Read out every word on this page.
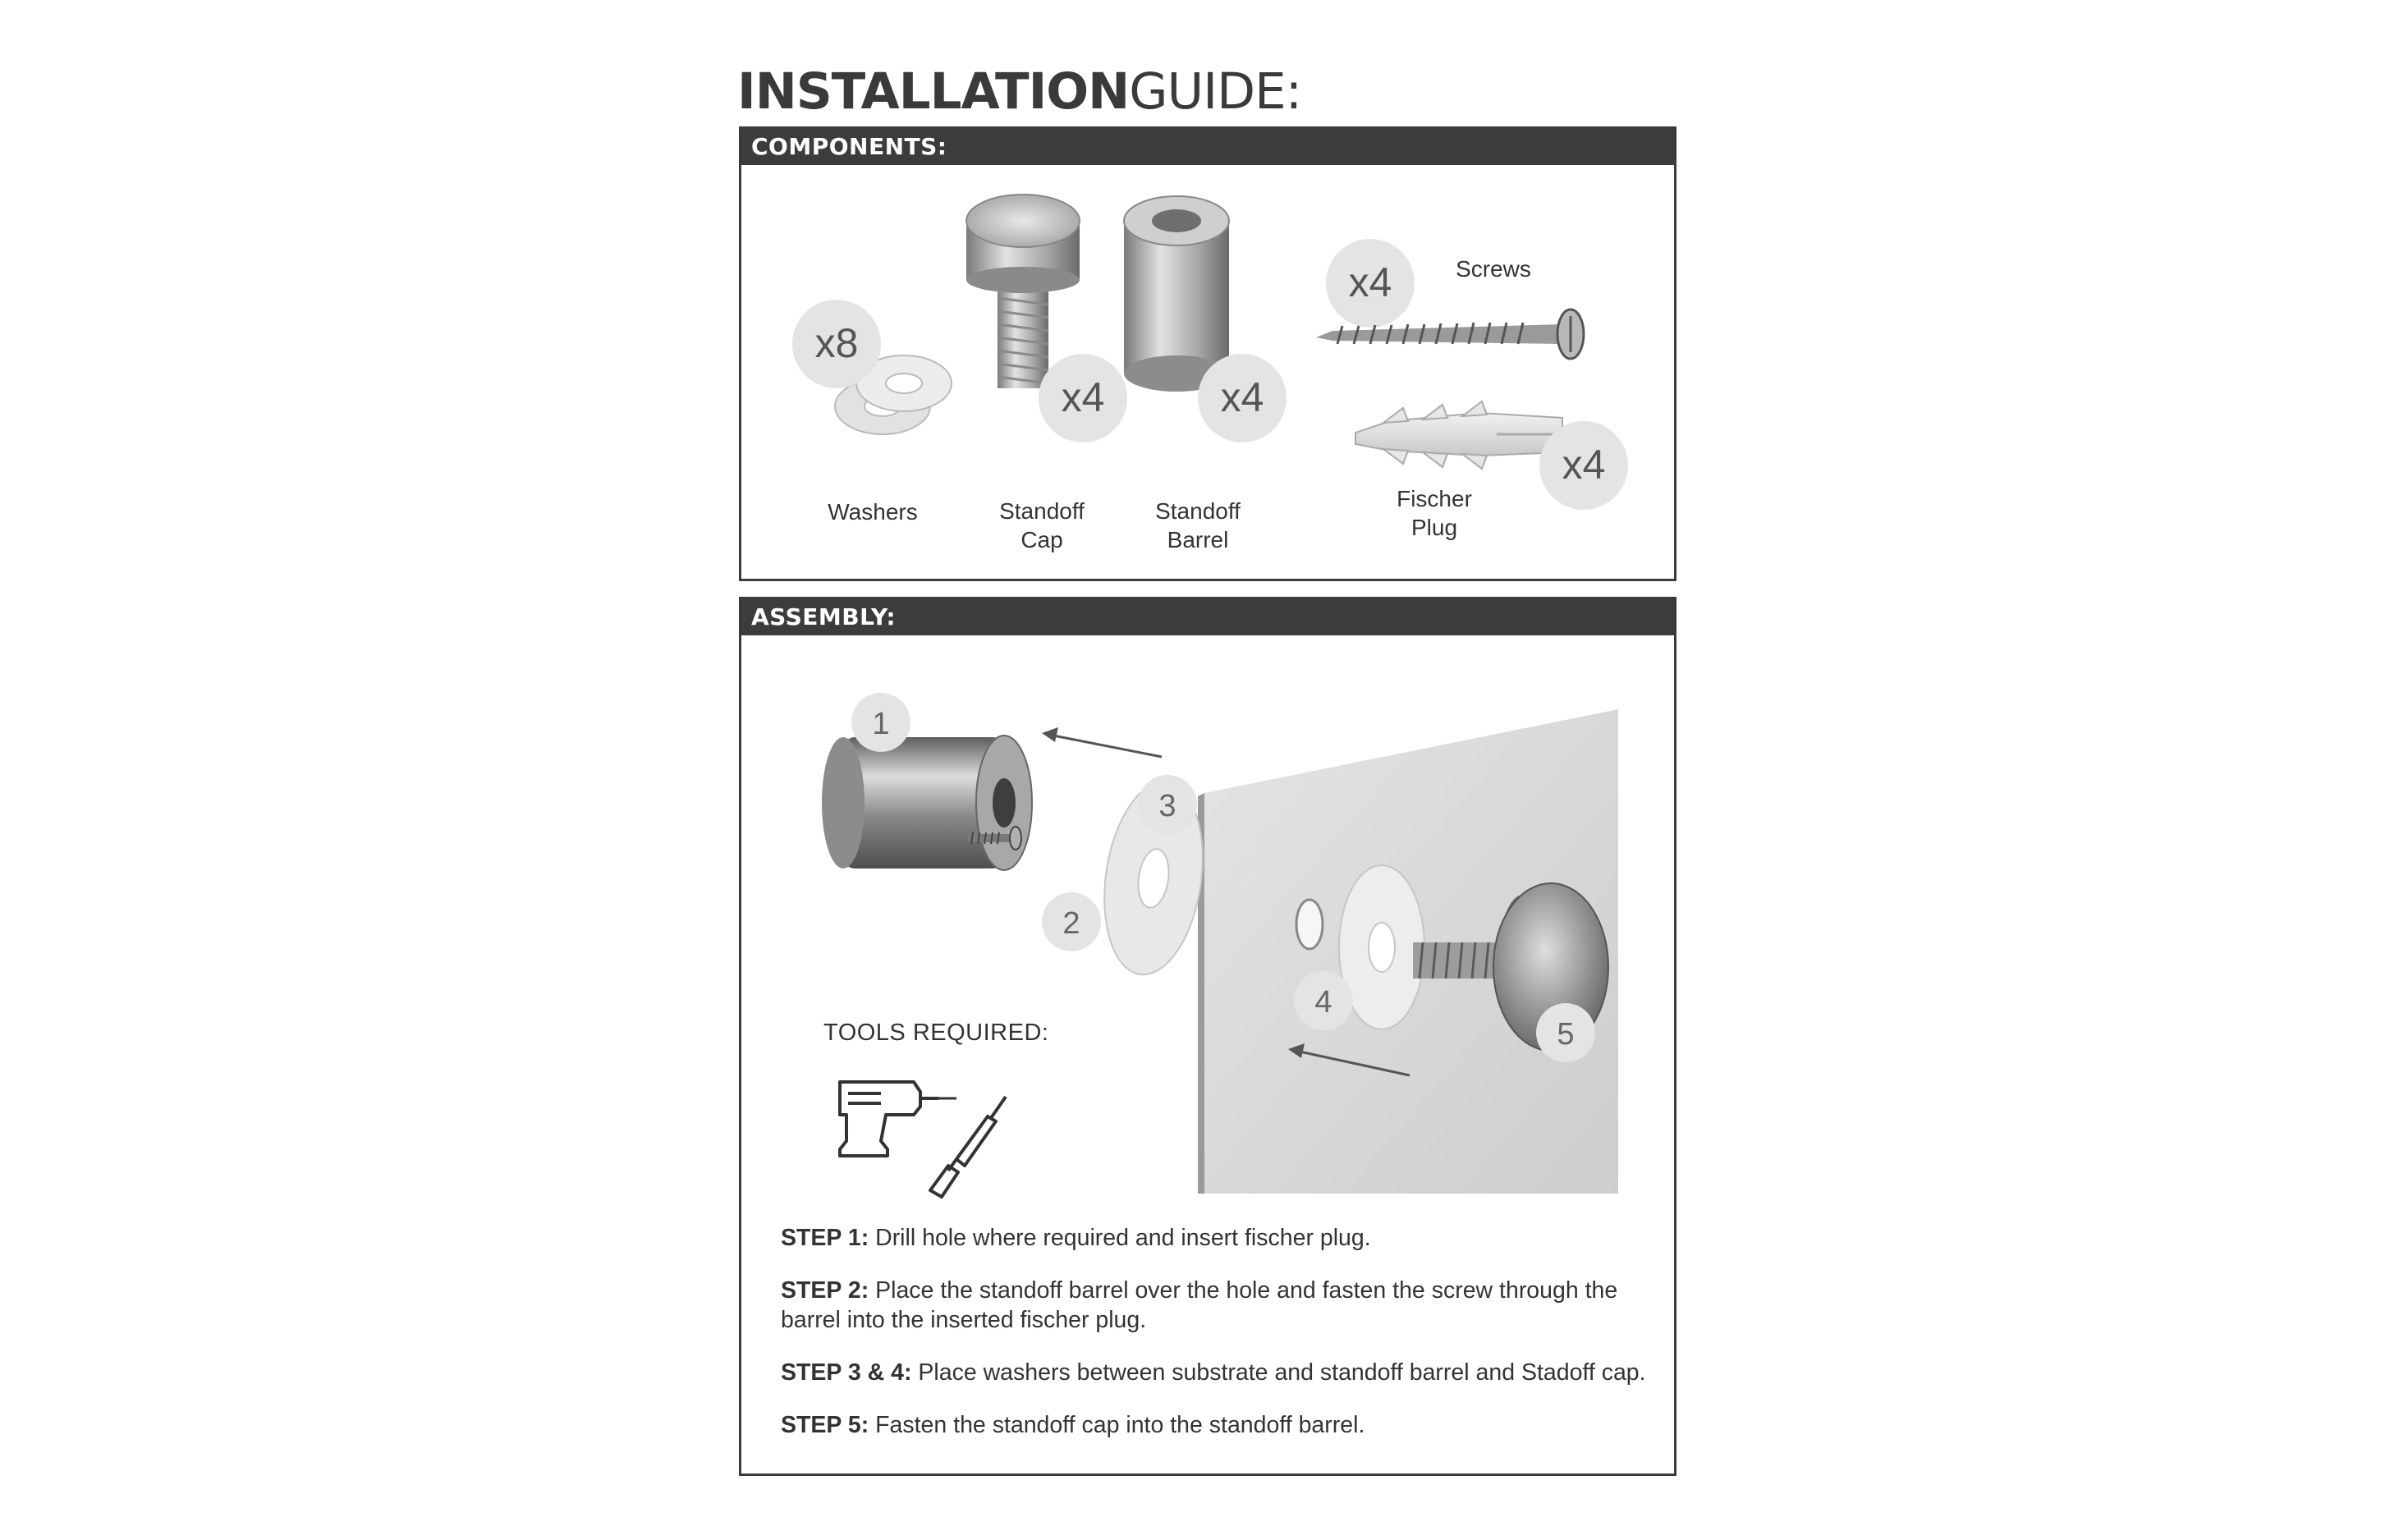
INSTALLATIONGUIDE:
COMPONENTS:
x8
Washers
x4
Standoff
Cap
x4
Standoff
Barrel
x4	Screws
x4
Fischer
Plug
ASSEMBLY:
1
2
3
4
5
TOOLS REQUIRED:
STEP 1: Drill hole where required and insert fischer plug.
STEP 2: Place the standoff barrel over the hole and fasten the screw through the barrel into the inserted fischer plug.
STEP 3 & 4: Place washers between substrate and standoff barrel and Stadoff cap.
STEP 5: Fasten the standoff cap into the standoff barrel.
